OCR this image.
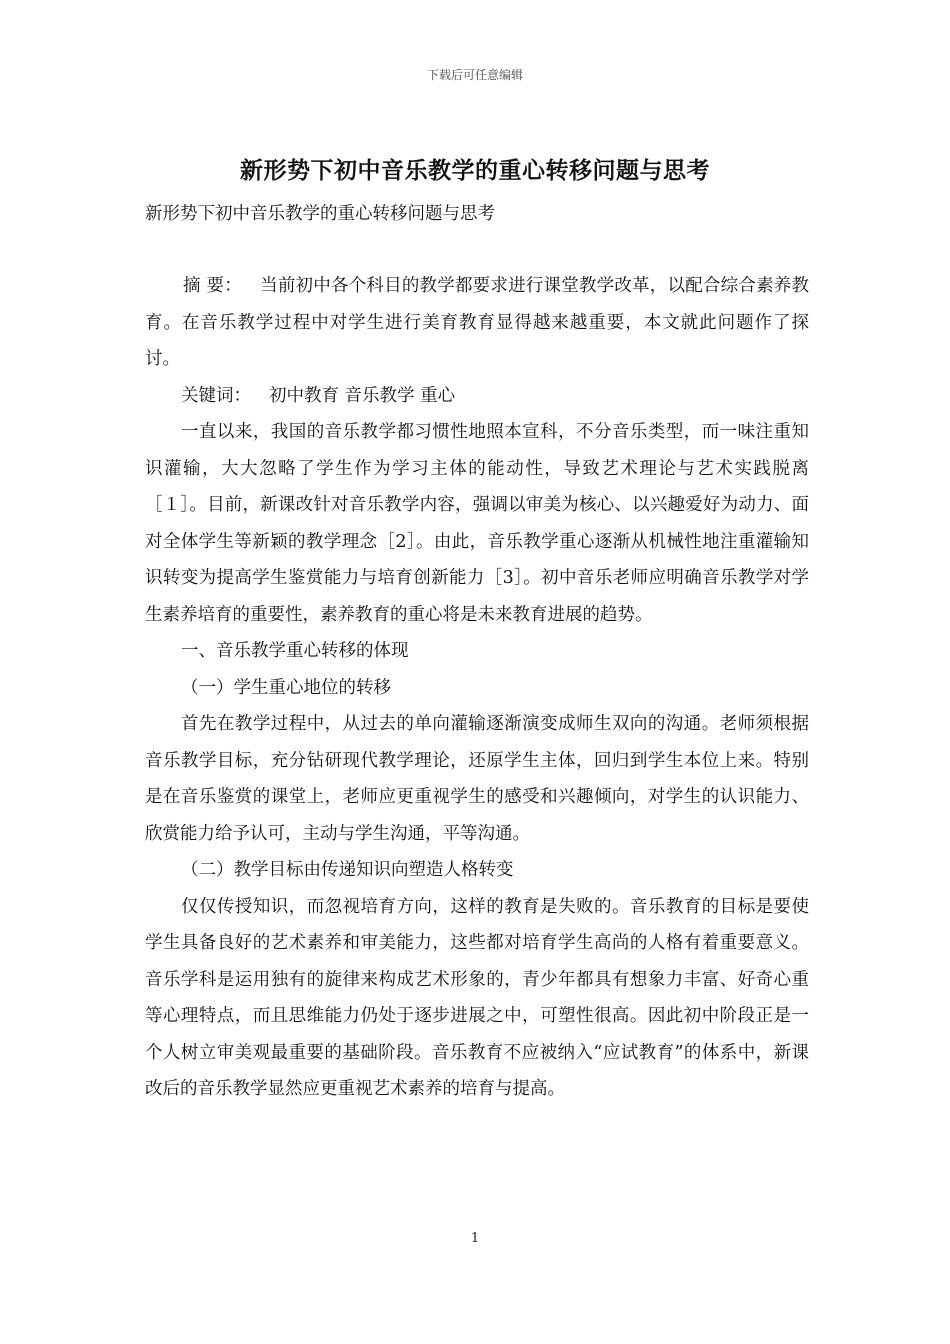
下载后可任意编辑
新形势下初中音乐教学的重心转移问题与思考
新形势下初中音乐教学的重心转移问题与思考

摘 要： 当前初中各个科目的教学都要求进行课堂教学改革，以配合综合素养教育。在音乐教学过程中对学生进行美育教育显得越来越重要，本文就此问题作了探讨。

关键词： 初中教育 音乐教学 重心

一直以来，我国的音乐教学都习惯性地照本宣科，不分音乐类型，而一味注重知识灌输，大大忽略了学生作为学习主体的能动性，导致艺术理论与艺术实践脱离［１］。目前，新课改针对音乐教学内容，强调以审美为核心、以兴趣爱好为动力、面对全体学生等新颖的教学理念［2］。由此，音乐教学重心逐渐从机械性地注重灌输知识转变为提高学生鉴赏能力与培育创新能力［3］。初中音乐老师应明确音乐教学对学生素养培育的重要性，素养教育的重心将是未来教育进展的趋势。

一、音乐教学重心转移的体现

（一）学生重心地位的转移

首先在教学过程中，从过去的单向灌输逐渐演变成师生双向的沟通。老师须根据音乐教学目标，充分钻研现代教学理论，还原学生主体，回归到学生本位上来。特别是在音乐鉴赏的课堂上，老师应更重视学生的感受和兴趣倾向，对学生的认识能力、欣赏能力给予认可，主动与学生沟通，平等沟通。

（二）教学目标由传递知识向塑造人格转变

仅仅传授知识，而忽视培育方向，这样的教育是失败的。音乐教育的目标是要使学生具备良好的艺术素养和审美能力，这些都对培育学生高尚的人格有着重要意义。音乐学科是运用独有的旋律来构成艺术形象的，青少年都具有想象力丰富、好奇心重等心理特点，而且思维能力仍处于逐步进展之中，可塑性很高。因此初中阶段正是一个人树立审美观最重要的基础阶段。音乐教育不应被纳入“应试教育”的体系中，新课改后的音乐教学显然应更重视艺术素养的培育与提高。

1
